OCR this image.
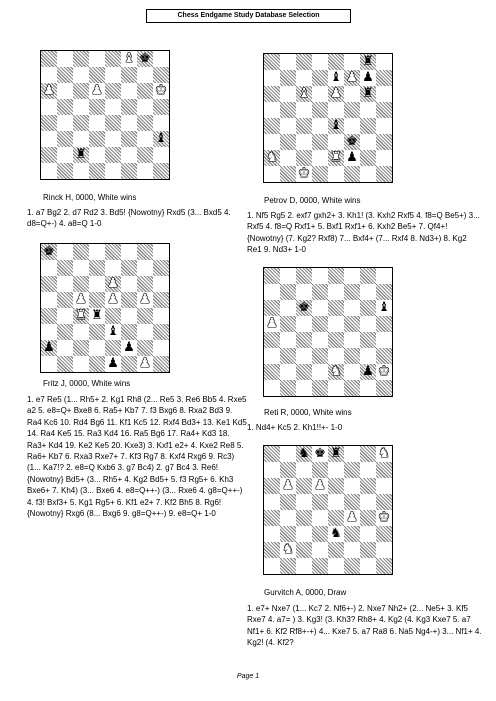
Chess Endgame Study Database Selection
♝ ♚
♟	♟	♚
♝
♜
Rinck H, 0000, White wins
1. a7 Bg2 2. d7 Rd2 3. Bd5! {Nowotny} Rxd5 (3... Bxd5 4. d8=Q+-) 4. a8=Q 1-0
♜
♝ ♟ ♟
♝ ♟ ♜
♝
♚
♞	♜ ♟
♚
Petrov D, 0000, White wins
1. Nf5 Rg5 2. exf7 gxh2+ 3. Kh1! (3. Kxh2 Rxf5 4. f8=Q Be5+) 3... Rxf5 4. f8=Q Rxf1+ 5. Bxf1 Rxf1+ 6. Kxh2 Be5+ 7. Qf4+! {Nowotny} (7. Kg2? Rxf8) 7... Bxf4+ (7... Rxf4 8. Nd3+) 8. Kg2 Re1 9. Nd3+ 1-0
♚
♟
♟ ♟ ♟
♜ ♜
♝
♟	♟
♟ ♟
Fritz J, 0000, White wins
1. e7 Re5 (1... Rh5+ 2. Kg1 Rh8 (2... Re5 3. Re6 Bb5 4. Rxe5 a2 5. e8=Q+ Bxe8 6. Ra5+ Kb7 7. f3 Bxg6 8. Rxa2 Bd3 9. Ra4 Kc6 10. Rd4 Bg6 11. Kf1 Kc5 12. Rxf4 Bd3+ 13. Ke1 Kd5 14. Ra4 Ke5 15. Ra3 Kd4 16. Ra5 Bg6 17. Ra4+ Kd3 18. Ra3+ Kd4 19. Ke2 Ke5 20. Kxe3) 3. Kxf1 e2+ 4. Kxe2 Re8 5. Ra6+ Kb7 6. Rxa3 Rxe7+ 7. Kf3 Rg7 8. Kxf4 Rxg6 9. Rc3) (1... Ka7!? 2. e8=Q Kxb6 3. g7 Bc4) 2. g7 Bc4 3. Re6! {Nowotny} Bd5+ (3... Rh5+ 4. Kg2 Bd5+ 5. f3 Rg5+ 6. Kh3 Bxe6+ 7. Kh4) (3... Bxe6 4. e8=Q++-) (3... Rxe6 4. g8=Q++-) 4. f3! Bxf3+ 5. Kg1 Rg5+ 6. Kf1 e2+ 7. Kf2 Bh5 8. Rg6! {Nowotny} Rxg6 (8... Bxg6 9. g8=Q++-) 9. e8=Q+ 1-0
♚	♝
♟
♞ ♟ ♚
Reti R, 0000, White wins
1. Nd4+ Kc5 2. Kh1!!+- 1-0
♞ ♚ ♜	♞
♟ ♟
♟ ♚
♞
♞
Gurvitch A, 0000, Draw
1. e7+ Nxe7 (1... Kc7 2. Nf6+-) 2. Nxe7 Nh2+ (2... Ne5+ 3. Kf5 Rxe7 4. a7= ) 3. Kg3! (3. Kh3? Rh8+ 4. Kg2 (4. Kg3 Kxe7 5. a7 Nf1+ 6. Kf2 Rf8+-+) 4... Kxe7 5. a7 Ra8 6. Na5 Ng4-+) 3... Nf1+ 4. Kg2! (4. Kf2?
Page 1
